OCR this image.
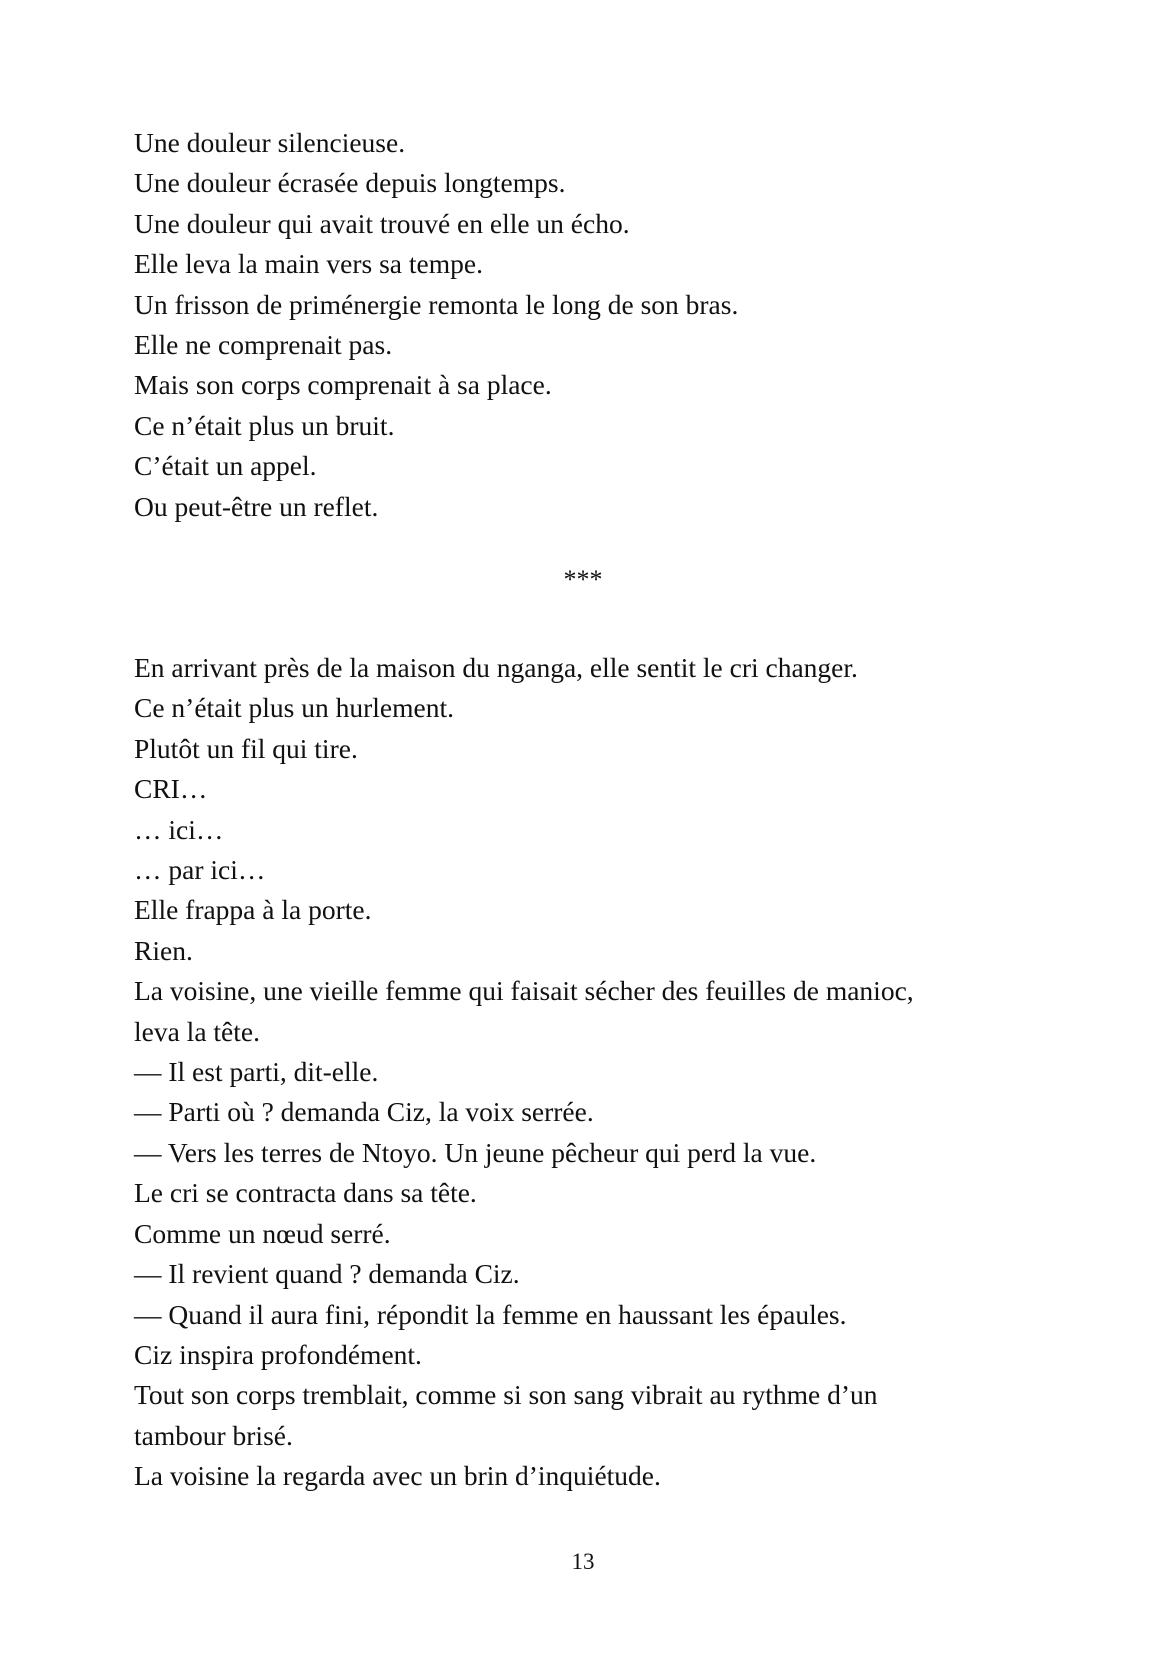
Une douleur silencieuse.
Une douleur écrasée depuis longtemps.
Une douleur qui avait trouvé en elle un écho.
Elle leva la main vers sa tempe.
Un frisson de priménergie remonta le long de son bras.
Elle ne comprenait pas.
Mais son corps comprenait à sa place.
Ce n’était plus un bruit.
C’était un appel.
Ou peut-être un reflet.
***
En arrivant près de la maison du nganga, elle sentit le cri changer.
Ce n’était plus un hurlement.
Plutôt un fil qui tire.
CRI…
… ici…
… par ici…
Elle frappa à la porte.
Rien.
La voisine, une vieille femme qui faisait sécher des feuilles de manioc,
leva la tête.
— Il est parti, dit-elle.
— Parti où ? demanda Ciz, la voix serrée.
— Vers les terres de Ntoyo. Un jeune pêcheur qui perd la vue.
Le cri se contracta dans sa tête.
Comme un nœud serré.
— Il revient quand ? demanda Ciz.
— Quand il aura fini, répondit la femme en haussant les épaules.
Ciz inspira profondément.
Tout son corps tremblait, comme si son sang vibrait au rythme d’un
tambour brisé.
La voisine la regarda avec un brin d’inquiétude.
13
